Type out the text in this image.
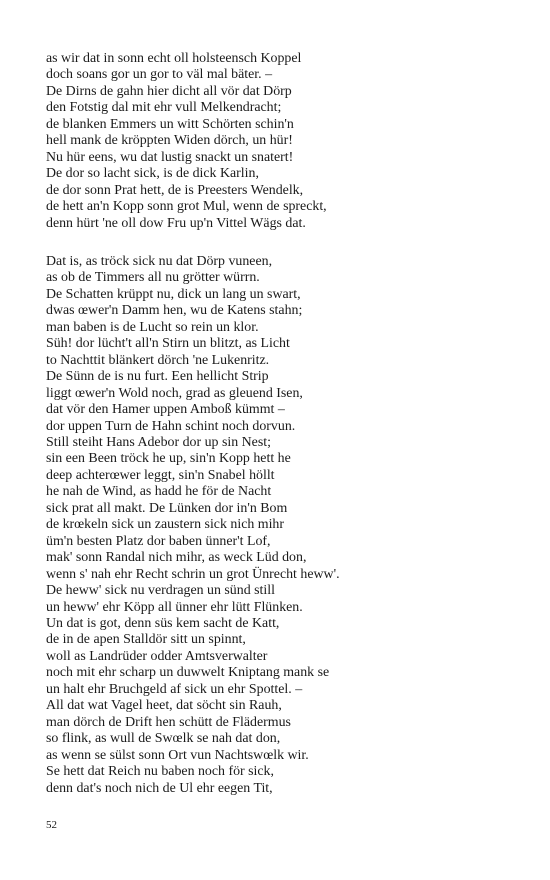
as wir dat in sonn echt oll holsteensch Koppel
doch soans gor un gor to väl mal bäter. –
De Dirns de gahn hier dicht all vör dat Dörp
den Fotstig dal mit ehr vull Melkendracht;
de blanken Emmers un witt Schörten schin'n
hell mank de kröppten Widen dörch, un hür!
Nu hür eens, wu dat lustig snackt un snatert!
De dor so lacht sick, is de dick Karlin,
de dor sonn Prat hett, de is Preesters Wendelk,
de hett an'n Kopp sonn grot Mul, wenn de spreckt,
denn hürt 'ne oll dow Fru up'n Vittel Wägs dat.
Dat is, as tröck sick nu dat Dörp vuneen,
as ob de Timmers all nu grötter würrn.
De Schatten krüppt nu, dick un lang un swart,
dwas œwer'n Damm hen, wu de Katens stahn;
man baben is de Lucht so rein un klor.
Süh! dor lücht't all'n Stirn un blitzt, as Licht
to Nachttit blänkert dörch 'ne Lukenritz.
De Sünn de is nu furt. Een hellicht Strip
liggt œwer'n Wold noch, grad as gleuend Isen,
dat vör den Hamer uppen Amboß kümmt –
dor uppen Turn de Hahn schint noch dorvun.
Still steiht Hans Adebor dor up sin Nest;
sin een Been tröck he up, sin'n Kopp hett he
deep achterœwer leggt, sin'n Snabel höllt
he nah de Wind, as hadd he för de Nacht
sick prat all makt. De Lünken dor in'n Bom
de krœkeln sick un zaustern sick nich mihr
üm'n besten Platz dor baben ünner't Lof,
mak' sonn Randal nich mihr, as weck Lüd don,
wenn s' nah ehr Recht schrin un grot Ünrecht heww'.
De heww' sick nu verdragen un sünd still
un heww' ehr Köpp all ünner ehr lütt Flünken.
Un dat is got, denn süs kem sacht de Katt,
de in de apen Stalldör sitt un spinnt,
woll as Landrüder odder Amtsverwalter
noch mit ehr scharp un duwwelt Kniptang mank se
un halt ehr Bruchgeld af sick un ehr Spottel. –
All dat wat Vagel heet, dat söcht sin Rauh,
man dörch de Drift hen schütt de Flädermus
so flink, as wull de Swœlk se nah dat don,
as wenn se sülst sonn Ort vun Nachtswœlk wir.
Se hett dat Reich nu baben noch för sick,
denn dat's noch nich de Ul ehr eegen Tit,
52
